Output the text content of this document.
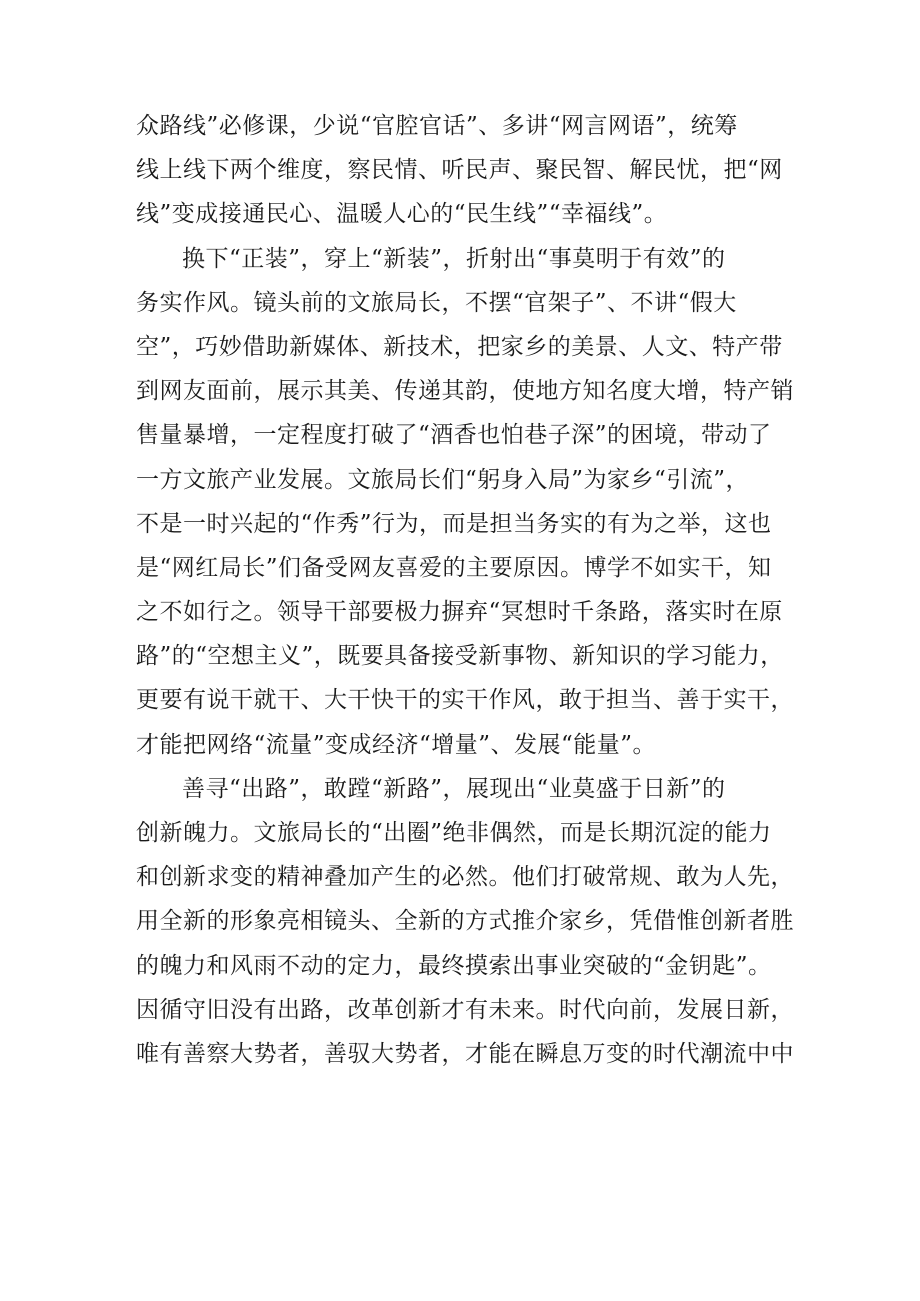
众路线”必修课，少说“官腔官话”、多讲“网言网语”，统筹
线上线下两个维度，察民情、听民声、聚民智、解民忧，把“网
线”变成接通民心、温暖人心的“民生线”“幸福线”。
换下“正装”，穿上“新装”，折射出“事莫明于有效”的
务实作风。镜头前的文旅局长，不摆“官架子”、不讲“假大
空”，巧妙借助新媒体、新技术，把家乡的美景、人文、特产带
到网友面前，展示其美、传递其韵，使地方知名度大增，特产销
售量暴增，一定程度打破了“酒香也怕巷子深”的困境，带动了
一方文旅产业发展。文旅局长们“躬身入局”为家乡“引流”，
不是一时兴起的“作秀”行为，而是担当务实的有为之举，这也
是“网红局长”们备受网友喜爱的主要原因。博学不如实干，知
之不如行之。领导干部要极力摒弃“冥想时千条路，落实时在原
路”的“空想主义”，既要具备接受新事物、新知识的学习能力，
更要有说干就干、大干快干的实干作风，敢于担当、善于实干，
才能把网络“流量”变成经济“增量”、发展“能量”。
善寻“出路”，敢蹚“新路”，展现出“业莫盛于日新”的
创新魄力。文旅局长的“出圈”绝非偶然，而是长期沉淀的能力
和创新求变的精神叠加产生的必然。他们打破常规、敢为人先，
用全新的形象亮相镜头、全新的方式推介家乡，凭借惟创新者胜
的魄力和风雨不动的定力，最终摸索出事业突破的“金钥匙”。
因循守旧没有出路，改革创新才有未来。时代向前，发展日新，
唯有善察大势者，善驭大势者，才能在瞬息万变的时代潮流中中
